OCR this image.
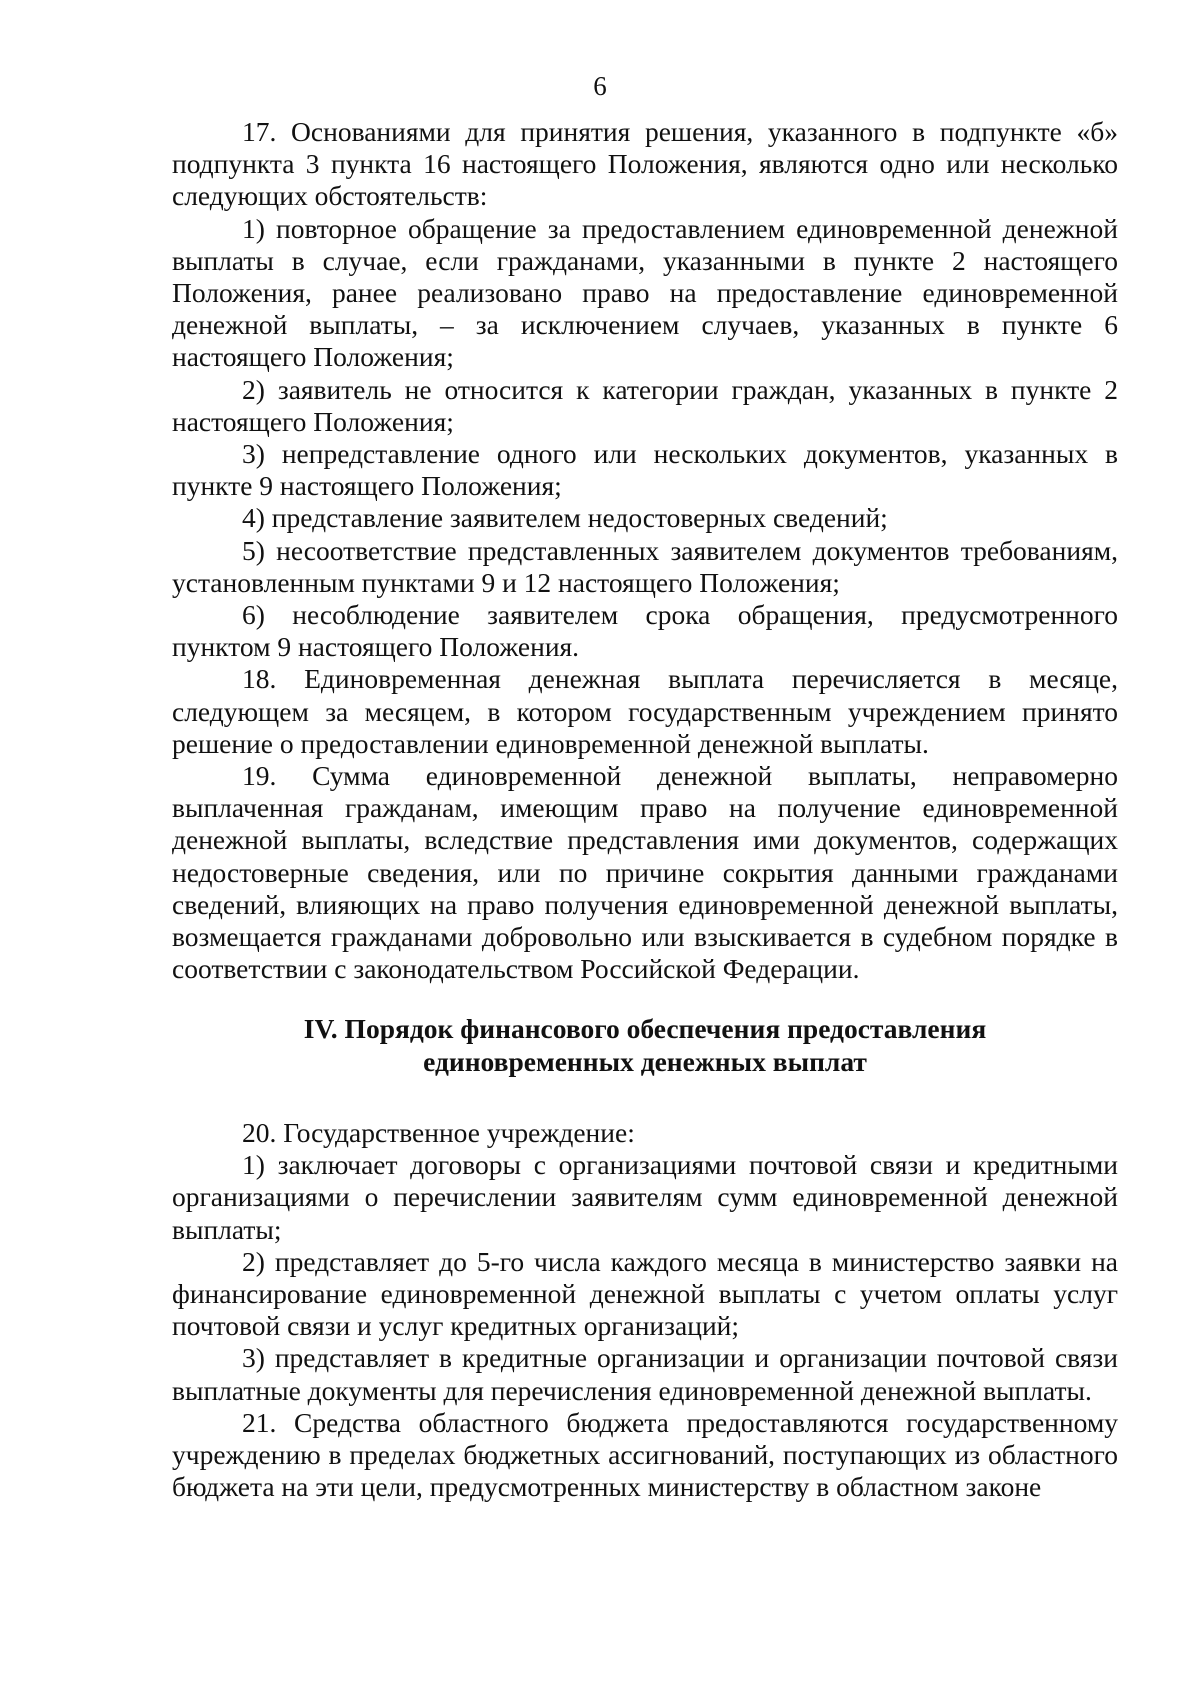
6

17. Основаниями для принятия решения, указанного в подпункте «б» подпункта 3 пункта 16 настоящего Положения, являются одно или несколько следующих обстоятельств:

1) повторное обращение за предоставлением единовременной денежной выплаты в случае, если гражданами, указанными в пункте 2 настоящего Положения, ранее реализовано право на предоставление единовременной денежной выплаты, – за исключением случаев, указанных в пункте 6 настоящего Положения;

2) заявитель не относится к категории граждан, указанных в пункте 2 настоящего Положения;

3) непредставление одного или нескольких документов, указанных в пункте 9 настоящего Положения;

4) представление заявителем недостоверных сведений;

5) несоответствие представленных заявителем документов требованиям, установленным пунктами 9 и 12 настоящего Положения;

6) несоблюдение заявителем срока обращения, предусмотренного пунктом 9 настоящего Положения.

18. Единовременная денежная выплата перечисляется в месяце, следующем за месяцем, в котором государственным учреждением принято решение о предоставлении единовременной денежной выплаты.

19. Сумма единовременной денежной выплаты, неправомерно выплаченная гражданам, имеющим право на получение единовременной денежной выплаты, вследствие представления ими документов, содержащих недостоверные сведения, или по причине сокрытия данными гражданами сведений, влияющих на право получения единовременной денежной выплаты, возмещается гражданами добровольно или взыскивается в судебном порядке в соответствии с законодательством Российской Федерации.

IV. Порядок финансового обеспечения предоставления
единовременных денежных выплат

20. Государственное учреждение:

1) заключает договоры с организациями почтовой связи и кредитными организациями о перечислении заявителям сумм единовременной денежной выплаты;

2) представляет до 5-го числа каждого месяца в министерство заявки на финансирование единовременной денежной выплаты с учетом оплаты услуг почтовой связи и услуг кредитных организаций;

3) представляет в кредитные организации и организации почтовой связи выплатные документы для перечисления единовременной денежной выплаты.

21. Средства областного бюджета предоставляются государственному учреждению в пределах бюджетных ассигнований, поступающих из областного бюджета на эти цели, предусмотренных министерству в областном законе
